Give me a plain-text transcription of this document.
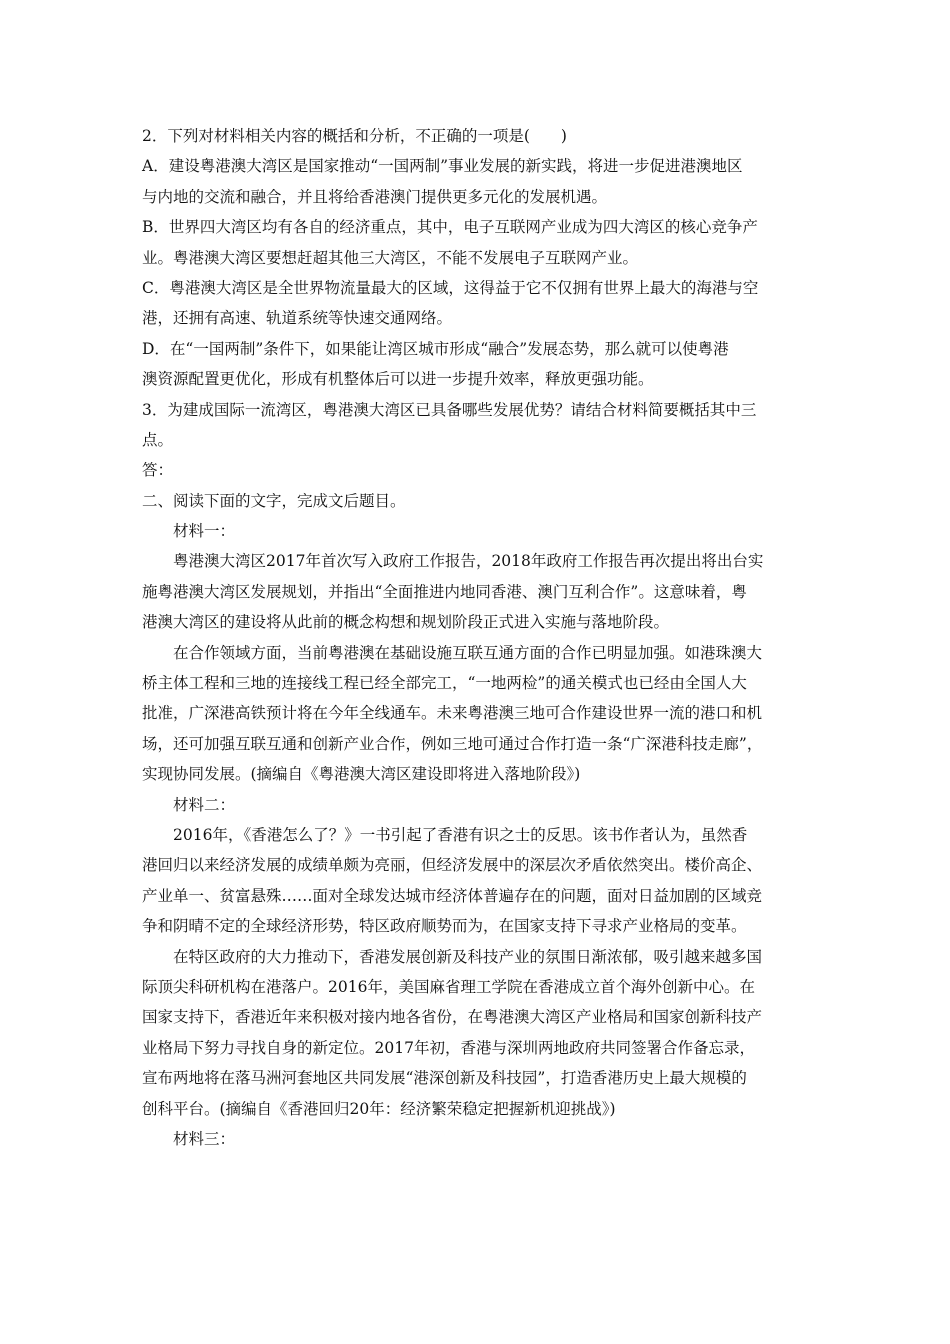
2．下列对材料相关内容的概括和分析，不正确的一项是(　　)
A．建设粤港澳大湾区是国家推动“一国两制”事业发展的新实践，将进一步促进港澳地区
与内地的交流和融合，并且将给香港澳门提供更多元化的发展机遇。
B．世界四大湾区均有各自的经济重点，其中，电子互联网产业成为四大湾区的核心竞争产
业。粤港澳大湾区要想赶超其他三大湾区，不能不发展电子互联网产业。
C．粤港澳大湾区是全世界物流量最大的区域，这得益于它不仅拥有世界上最大的海港与空
港，还拥有高速、轨道系统等快速交通网络。
D．在“一国两制”条件下，如果能让湾区城市形成“融合”发展态势，那么就可以使粤港
澳资源配置更优化，形成有机整体后可以进一步提升效率，释放更强功能。
3．为建成国际一流湾区，粤港澳大湾区已具备哪些发展优势？请结合材料简要概括其中三
点。
答：
二、阅读下面的文字，完成文后题目。
材料一：
粤港澳大湾区2017年首次写入政府工作报告，2018年政府工作报告再次提出将出台实
施粤港澳大湾区发展规划，并指出“全面推进内地同香港、澳门互利合作”。这意味着，粤
港澳大湾区的建设将从此前的概念构想和规划阶段正式进入实施与落地阶段。
在合作领域方面，当前粤港澳在基础设施互联互通方面的合作已明显加强。如港珠澳大
桥主体工程和三地的连接线工程已经全部完工，“一地两检”的通关模式也已经由全国人大
批准，广深港高铁预计将在今年全线通车。未来粤港澳三地可合作建设世界一流的港口和机
场，还可加强互联互通和创新产业合作，例如三地可通过合作打造一条“广深港科技走廊”，
实现协同发展。(摘编自《粤港澳大湾区建设即将进入落地阶段》)
材料二：
2016年，《香港怎么了？》一书引起了香港有识之士的反思。该书作者认为，虽然香
港回归以来经济发展的成绩单颇为亮丽，但经济发展中的深层次矛盾依然突出。楼价高企、
产业单一、贫富悬殊……面对全球发达城市经济体普遍存在的问题，面对日益加剧的区域竞
争和阴晴不定的全球经济形势，特区政府顺势而为，在国家支持下寻求产业格局的变革。
在特区政府的大力推动下，香港发展创新及科技产业的氛围日渐浓郁，吸引越来越多国
际顶尖科研机构在港落户。2016年，美国麻省理工学院在香港成立首个海外创新中心。在
国家支持下，香港近年来积极对接内地各省份，在粤港澳大湾区产业格局和国家创新科技产
业格局下努力寻找自身的新定位。2017年初，香港与深圳两地政府共同签署合作备忘录，
宣布两地将在落马洲河套地区共同发展“港深创新及科技园”，打造香港历史上最大规模的
创科平台。(摘编自《香港回归20年：经济繁荣稳定把握新机迎挑战》)
材料三：
